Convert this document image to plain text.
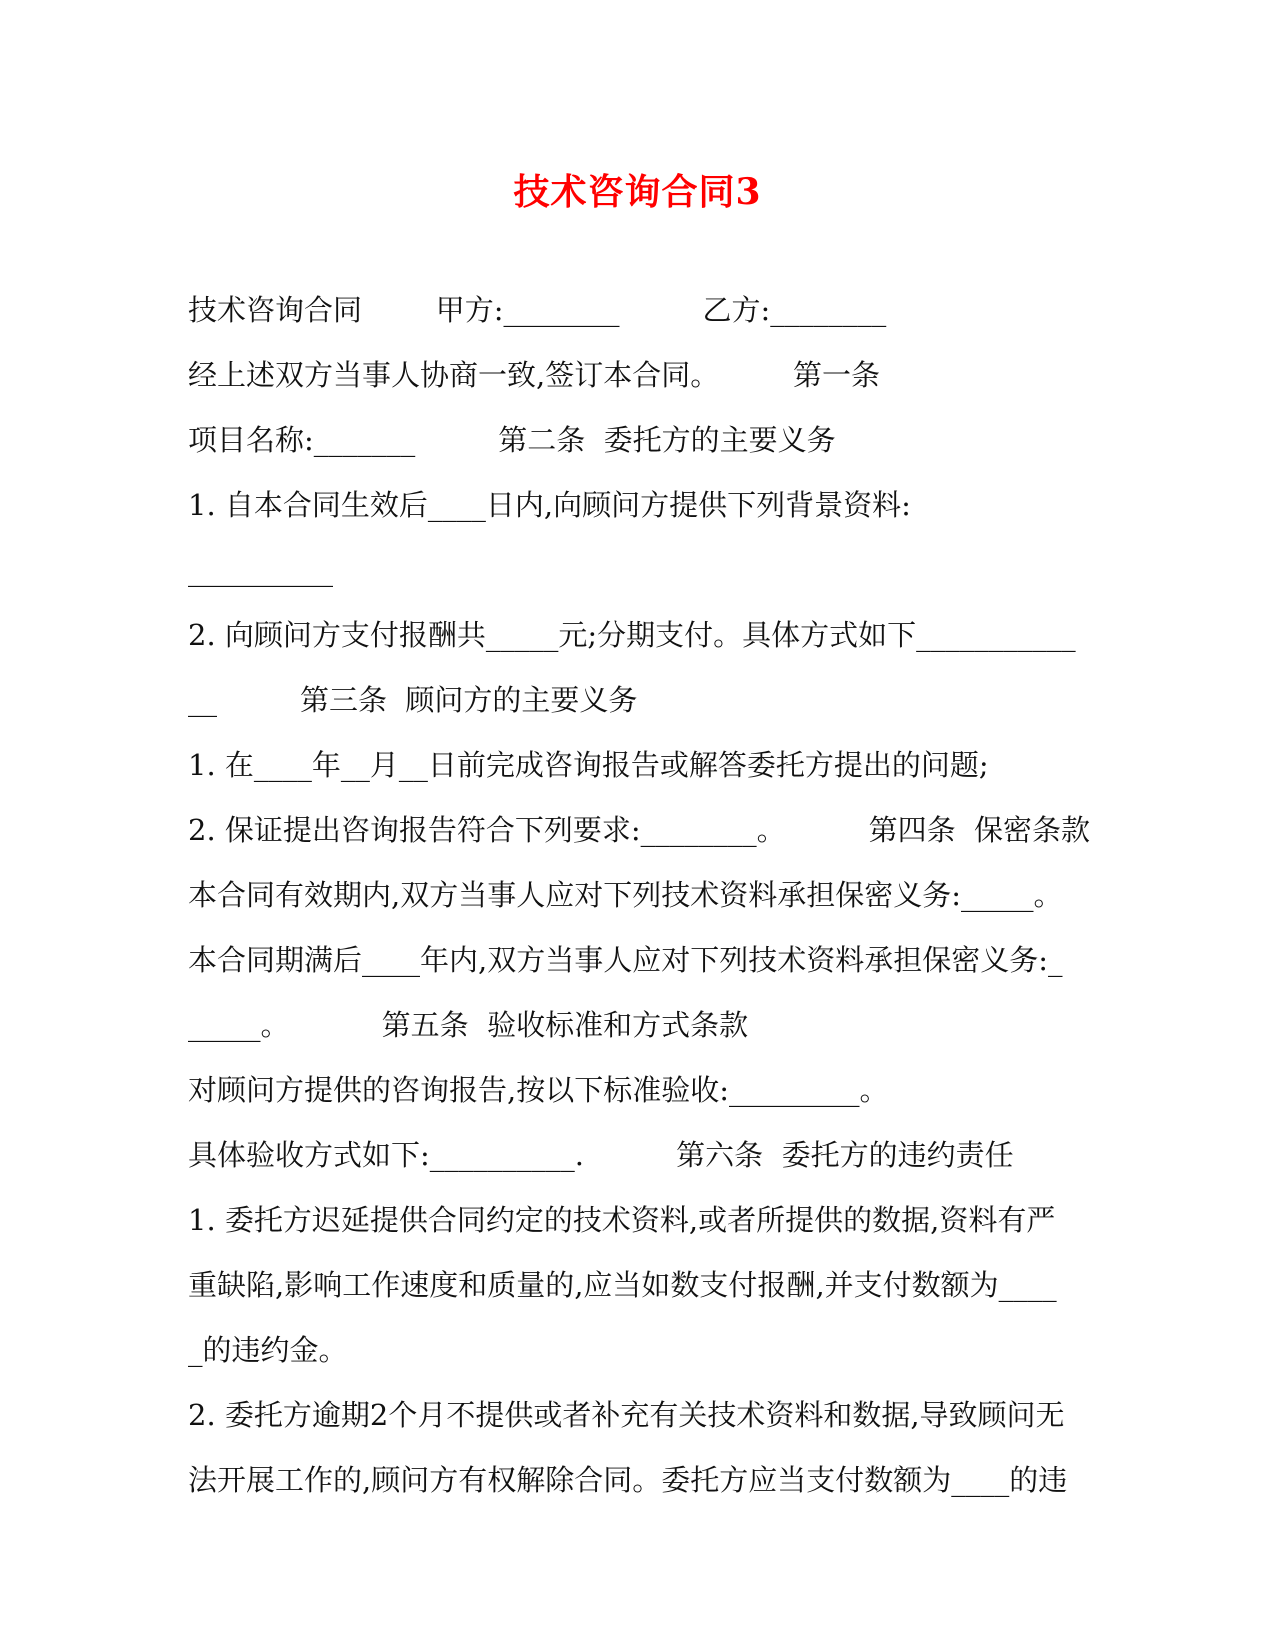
技术咨询合同3
技术咨询合同        甲方:________         乙方:________
经上述双方当事人协商一致,签订本合同。        第一条
项目名称:_______         第二条  委托方的主要义务
1. 自本合同生效后____日内,向顾问方提供下列背景资料:
__________
2. 向顾问方支付报酬共_____元;分期支付。具体方式如下___________
__         第三条  顾问方的主要义务
1. 在____年__月__日前完成咨询报告或解答委托方提出的问题;
2. 保证提出咨询报告符合下列要求:________。         第四条  保密条款
本合同有效期内,双方当事人应对下列技术资料承担保密义务:_____。
本合同期满后____年内,双方当事人应对下列技术资料承担保密义务:_
_____。          第五条  验收标准和方式条款
对顾问方提供的咨询报告,按以下标准验收:_________。
具体验收方式如下:__________.          第六条  委托方的违约责任
1. 委托方迟延提供合同约定的技术资料,或者所提供的数据,资料有严
重缺陷,影响工作速度和质量的,应当如数支付报酬,并支付数额为____
_的违约金。
2. 委托方逾期2个月不提供或者补充有关技术资料和数据,导致顾问无
法开展工作的,顾问方有权解除合同。委托方应当支付数额为____的违
